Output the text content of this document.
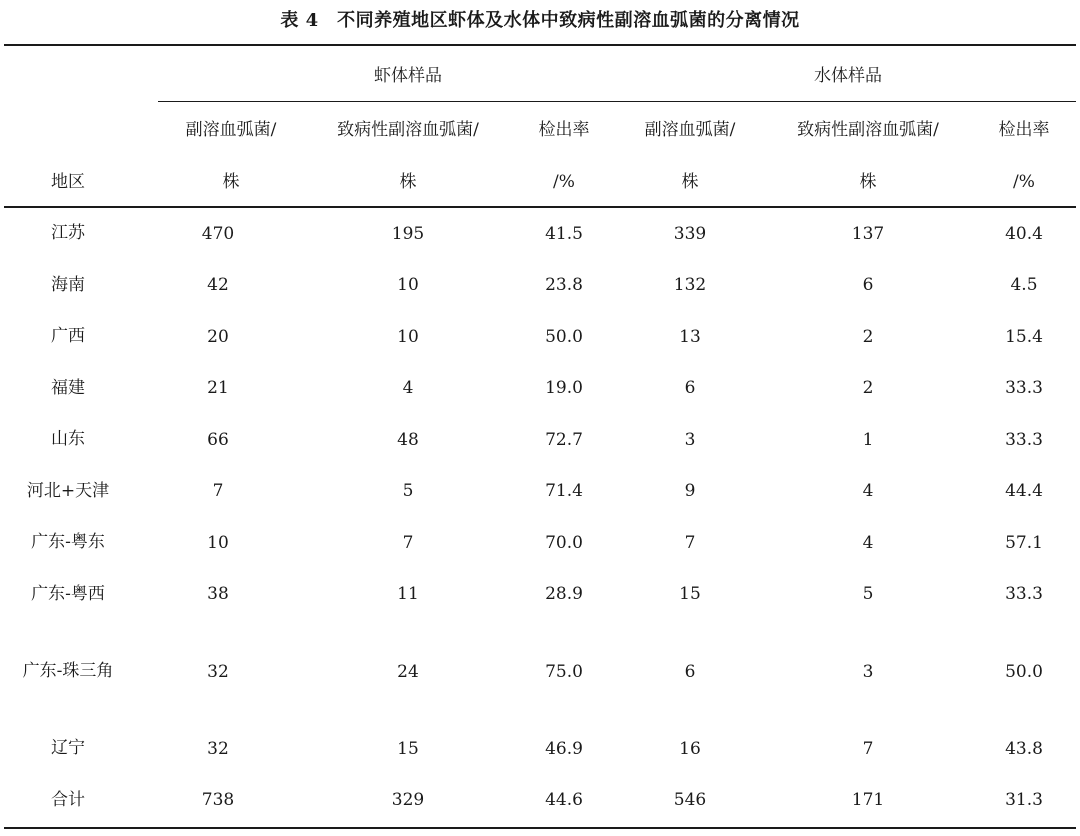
表 4　不同养殖地区虾体及水体中致病性副溶血弧菌的分离情况
虾体样品	水体样品
副溶血弧菌/	致病性副溶血弧菌/	检出率	副溶血弧菌/	致病性副溶血弧菌/	检出率
地区	株	株	/%	株	株	/%
江苏	470	195	41.5	339	137	40.4
海南	42	10	23.8	132	6	4.5
广西	20	10	50.0	13	2	15.4
福建	21	4	19.0	6	2	33.3
山东	66	48	72.7	3	1	33.3
河北+天津	7	5	71.4	9	4	44.4
广东-粤东	10	7	70.0	7	4	57.1
广东-粤西	38	11	28.9	15	5	33.3
广东-珠三角	32	24	75.0	6	3	50.0
辽宁	32	15	46.9	16	7	43.8
合计	738	329	44.6	546	171	31.3
